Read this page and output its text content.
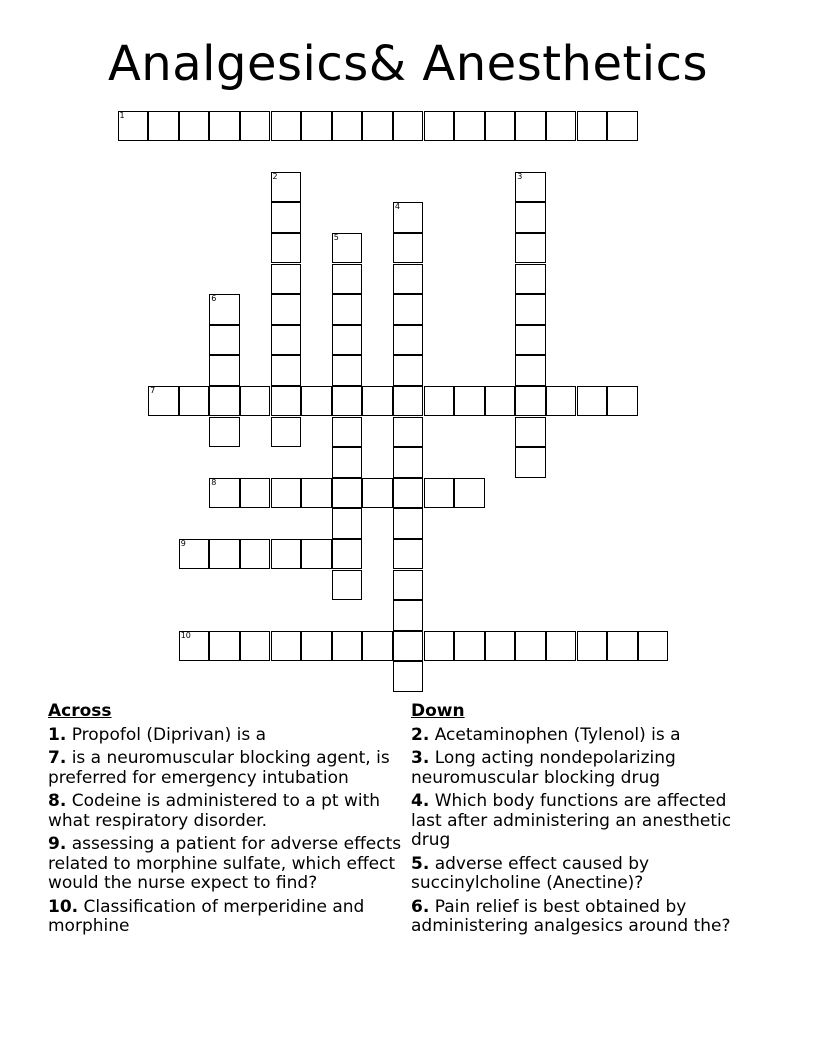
Analgesics& Anesthetics
1
2	3
4
5
6
7
8
9
10
Across
1. Propofol (Diprivan) is a
7. is a neuromuscular blocking agent, is preferred for emergency intubation
8. Codeine is administered to a pt with what respiratory disorder.
9. assessing a patient for adverse effects related to morphine sulfate, which effect would the nurse expect to find?
10. Classification of merperidine and morphine
Down
2. Acetaminophen (Tylenol) is a
3. Long acting nondepolarizing neuromuscular blocking drug
4. Which body functions are affected last after administering an anesthetic drug
5. adverse effect caused by succinylcholine (Anectine)?
6. Pain relief is best obtained by administering analgesics around the?
